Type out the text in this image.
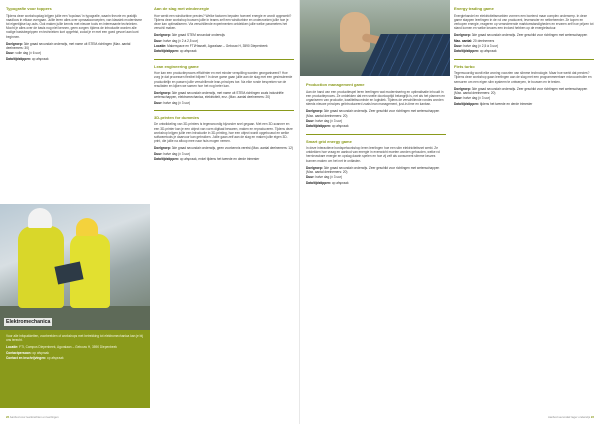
Typografie voor toppers
Tijdens deze workshopdag krijgen jullie een 'topclass' in typografie, waarin theorie en praktijk naadloos in elkaar overgaan. Jullie leren alles over opmaakconcepten, van klassiek modernisme tot eigentijdse lay-outs. Ook maken jullie kennis met nieuwe tools en interessante technieken. Mocht je alles over de basis nog niet kennen, geen zorgen: tijdens de introductie worden alle nodige basisbegrippen en technieken kort opgefrist, zodat je er met een goed gevoel aan kunt beginnen.
Doelgroep: 3de graad secundair onderwijs, met name uit STEM-richtingen (Max. aantal deelnemers: 30)
Duur: volle dag (± 6 uur)
Data/tijdstippen: op afspraak
Elektromechanica
Voor alle infopakketten, voorbeelden of workshops met betrekking tot elektromechanica kan je bij ons terecht.
Locatie: FTI, Campus Diepenbeek, Agoralaan – Gebouw H, 3590 Diepenbeek
Contactpersoon: op afspraak
Contact en inschrijvingen: op afspraak
Aan de slag met windenergie
Hoe werkt een windturbine precies? Welke factoren bepalen hoeveel energie er wordt opgewekt? Tijdens deze workshop bouwen jullie in teams zelf een windturbine en onderzoeken jullie hoe je deze kan optimaliseren. Via verschillende experimenten ontdekken jullie welke parameters het verschil maken.
Doelgroep: 3de graad STEM secundair onderwijs
Duur: halve dag (± 2 à 2,5 uur)
Locatie: Makerspace en FTI/Hasselt, Agoralaan – Gebouw H, 3590 Diepenbeek
Data/tijdstippen: op afspraak
Lean engineering game
Hoe kan een productieproces efficiënter en met minder verspilling worden georganiseerd? Hoe zorg je dat processen flexibel blijven? In deze game gaan jullie aan de slag met een gesimuleerde productielijn en passen jullie verschillende lean-principes toe. Na elke ronde bespreken we de resultaten en kijken we samen hoe het nog beter kan.
Doelgroep: 3de graad secundair onderwijs, met name uit STEM-richtingen zoals industriële wetenschappen, elektromechanica, elektriciteit, enz. (Max. aantal deelnemers: 20)
Duur: halve dag (± 3 uur)
3D-printen for dummies
De ontwikkeling van 3D-printers is tegenwoordig bijzonder snel gegaan. Met een 3D-scanner en een 3D-printer kan je een object van vorm digitaal bewaren, maken en reproduceren. Tijdens deze workshop krijgen jullie een introductie in 3D-printing, hoe een object wordt opgebouwd en welke softwaretools je daarvoor kan gebruiken. Jullie gaan zelf aan de slag en maken jullie eigen 3D-print, die jullie na afloop mee naar huis mogen nemen.
Doelgroep: 3de graad secundair onderwijs, geen voorkennis vereist (Max. aantal deelnemers: 12)
Duur: halve dag (± 3 uur)
Data/tijdstippen: op afspraak, enkel tijdens het tweede en derde trimester
22 Aanbod voor leerkrachten en leerlingen
Production management game
Aan de hand van een productiespel leren leerlingen wat modernisering en optimalisatie inhoudt in een productieproces. Ze ontdekken dat een snelle doorlooptijd belangrijk is, net als het plannen en organiseren van productie, kwaliteitscontrole en logistiek. Tijdens de verschillende rondes worden steeds nieuwe principes geïntroduceerd zoals lean management, just-in-time en kanban.
Doelgroep: 3de graad secundair onderwijs. Zeer geschikt voor richtingen met wetenschappen (Max. aantal deelnemers: 20)
Duur: halve dag (± 3 uur)
Data/tijdstippen: op afspraak
Smart grid energy game
In deze interactieve bordspelworkshop leren leerlingen hoe een slim elektriciteitsnet werkt. Ze ontdekken hoe vraag en aanbod van energie in evenwicht moeten worden gehouden, welke rol hernieuwbare energie en opslag daarin spelen en hoe zij zelf als consument slimme keuzes kunnen maken om het net te ontlasten.
Doelgroep: 3de graad secundair onderwijs. Zeer geschikt voor richtingen met wetenschappen (Max. aantal deelnemers: 20)
Duur: halve dag (± 3 uur)
Data/tijdstippen: op afspraak
Energy trading game
Energiehandel en elektriciteitsmarkten vormen een boeiend maar complex onderwerp. In deze game stappen leerlingen in de rol van producent, leverancier en netbeheerder. Ze kopen en verkopen energie, reageren op veranderende marktomstandigheden en ervaren zelf hoe prijzen tot stand komen en welke keuzes een invloed hebben op de energiefactuur.
Doelgroep: 3de graad secundair onderwijs. Zeer geschikt voor richtingen met wetenschappen
Max. aantal: 20 deelnemers
Duur: halve dag (± 2,5 à 3 uur)
Data/tijdstippen: op afspraak
Fiets turbo
Tegenwoordig wordt elke woning voorzien van slimme technologie. Maar hoe werkt dat precies? Tijdens deze workshop gaan leerlingen aan de slag met een programmeerbare microcontroller en sensoren om een eigen slim systeem te ontwerpen, te bouwen en te testen.
Doelgroep: 3de graad secundair onderwijs. Zeer geschikt voor richtingen met wetenschappen (Max. aantal deelnemers: 20)
Duur: halve dag (± 3 uur)
Data/tijdstippen: tijdens het tweede en derde trimester
Aanbod secundair lager onderwijs 23
